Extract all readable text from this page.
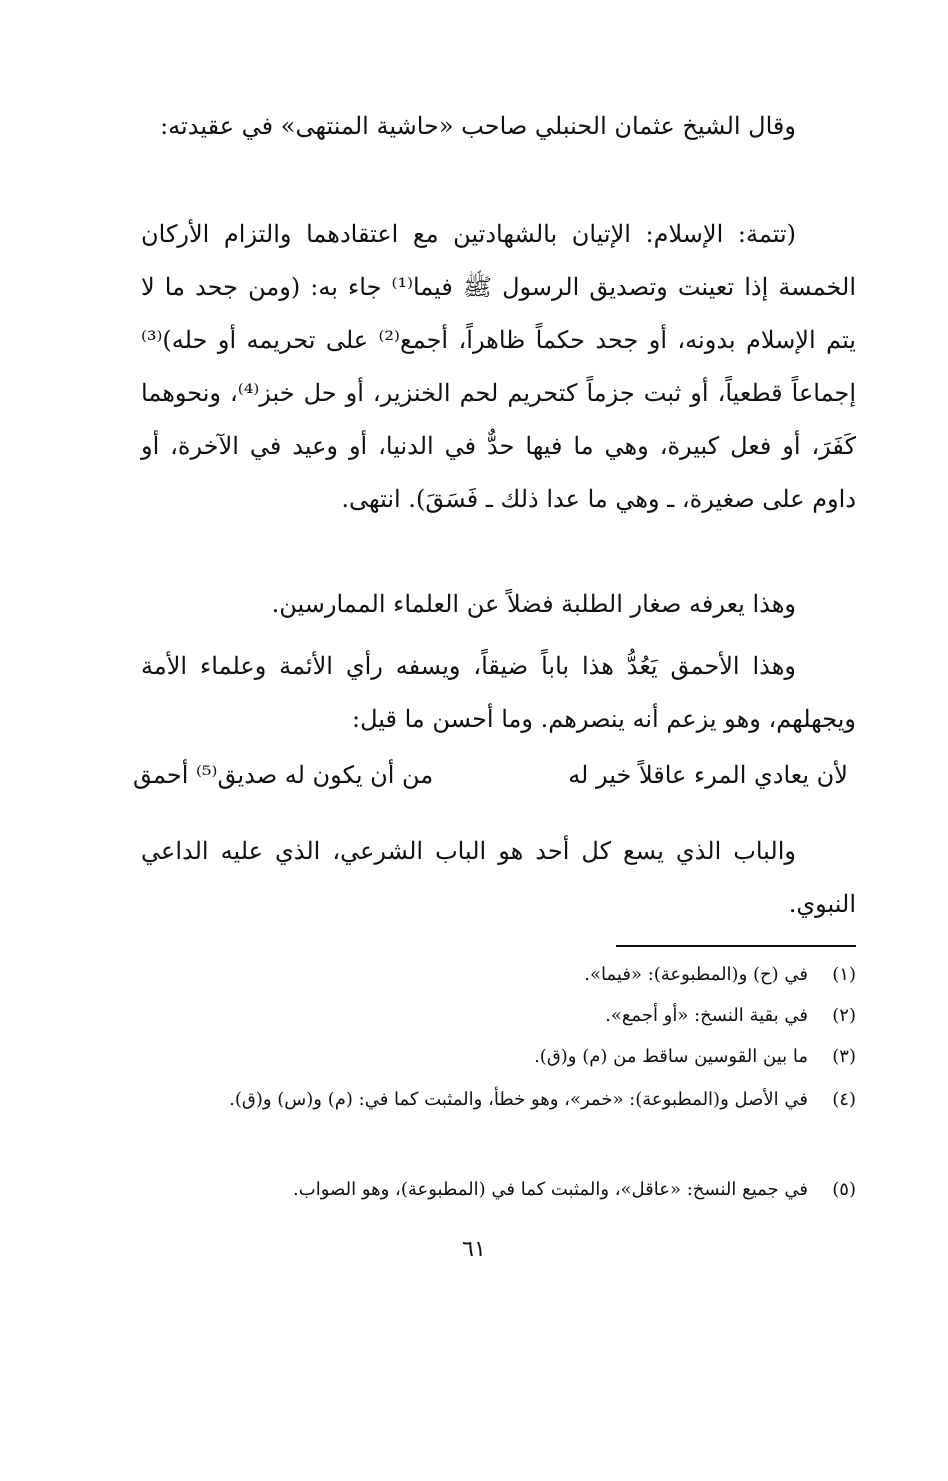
وقال الشيخ عثمان الحنبلي صاحب «حاشية المنتهى» في عقيدته:

(تتمة: الإسلام: الإتيان بالشهادتين مع اعتقادهما والتزام الأركان الخمسة إذا تعينت وتصديق الرسول ﷺ فيما⁽¹⁾ جاء به: (ومن جحد ما لا يتم الإسلام بدونه، أو جحد حكماً ظاهراً، أجمع⁽²⁾ على تحريمه أو حله)⁽³⁾ إجماعاً قطعياً، أو ثبت جزماً كتحريم لحم الخنزير، أو حل خبز⁽⁴⁾، ونحوهما كَفَرَ، أو فعل كبيرة، وهي ما فيها حدٌّ في الدنيا، أو وعيد في الآخرة، أو داوم على صغيرة، ـ وهي ما عدا ذلك ـ فَسَقَ). انتهى.

وهذا يعرفه صغار الطلبة فضلاً عن العلماء الممارسين.

وهذا الأحمق يَعُدُّ هذا باباً ضيقاً، ويسفه رأي الأئمة وعلماء الأمة ويجهلهم، وهو يزعم أنه ينصرهم. وما أحسن ما قيل:

لأن يعادي المرء عاقلاً خير له
من أن يكون له صديق⁽⁵⁾ أحمق

والباب الذي يسع كل أحد هو الباب الشرعي، الذي عليه الداعي النبوي.

(١)في (ح) و(المطبوعة): «فيما».

(٢)في بقية النسخ: «أو أجمع».

(٣)ما بين القوسين ساقط من (م) و(ق).

(٤)في الأصل و(المطبوعة): «خمر»، وهو خطأ، والمثبت كما في: (م) و(س) و(ق).

(٥)في جميع النسخ: «عاقل»، والمثبت كما في (المطبوعة)، وهو الصواب.

٦١
